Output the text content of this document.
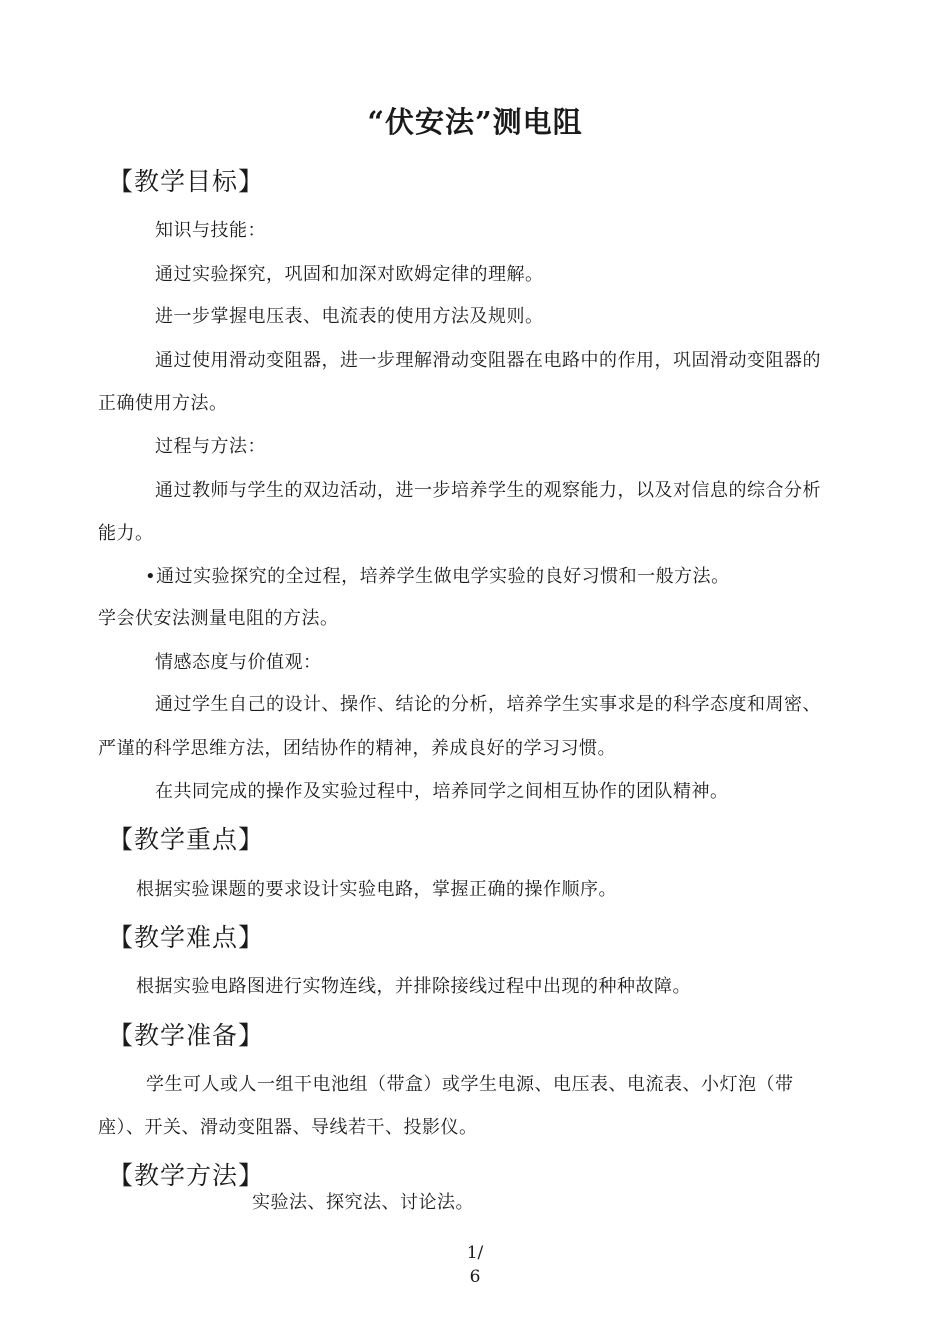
“伏安法”测电阻
【教学目标】
知识与技能：
通过实验探究，巩固和加深对欧姆定律的理解。
进一步掌握电压表、电流表的使用方法及规则。
通过使用滑动变阻器，进一步理解滑动变阻器在电路中的作用，巩固滑动变阻器的
正确使用方法。
过程与方法：
通过教师与学生的双边活动，进一步培养学生的观察能力，以及对信息的综合分析
能力。
•通过实验探究的全过程，培养学生做电学实验的良好习惯和一般方法。
学会伏安法测量电阻的方法。
情感态度与价值观：
通过学生自己的设计、操作、结论的分析，培养学生实事求是的科学态度和周密、
严谨的科学思维方法，团结协作的精神，养成良好的学习习惯。
在共同完成的操作及实验过程中，培养同学之间相互协作的团队精神。
【教学重点】
根据实验课题的要求设计实验电路，掌握正确的操作顺序。
【教学难点】
根据实验电路图进行实物连线，并排除接线过程中出现的种种故障。
【教学准备】
学生可人或人一组干电池组（带盒）或学生电源、电压表、电流表、小灯泡（带
座）、开关、滑动变阻器、导线若干、投影仪。
【教学方法】
实验法、探究法、讨论法。
1/
6
